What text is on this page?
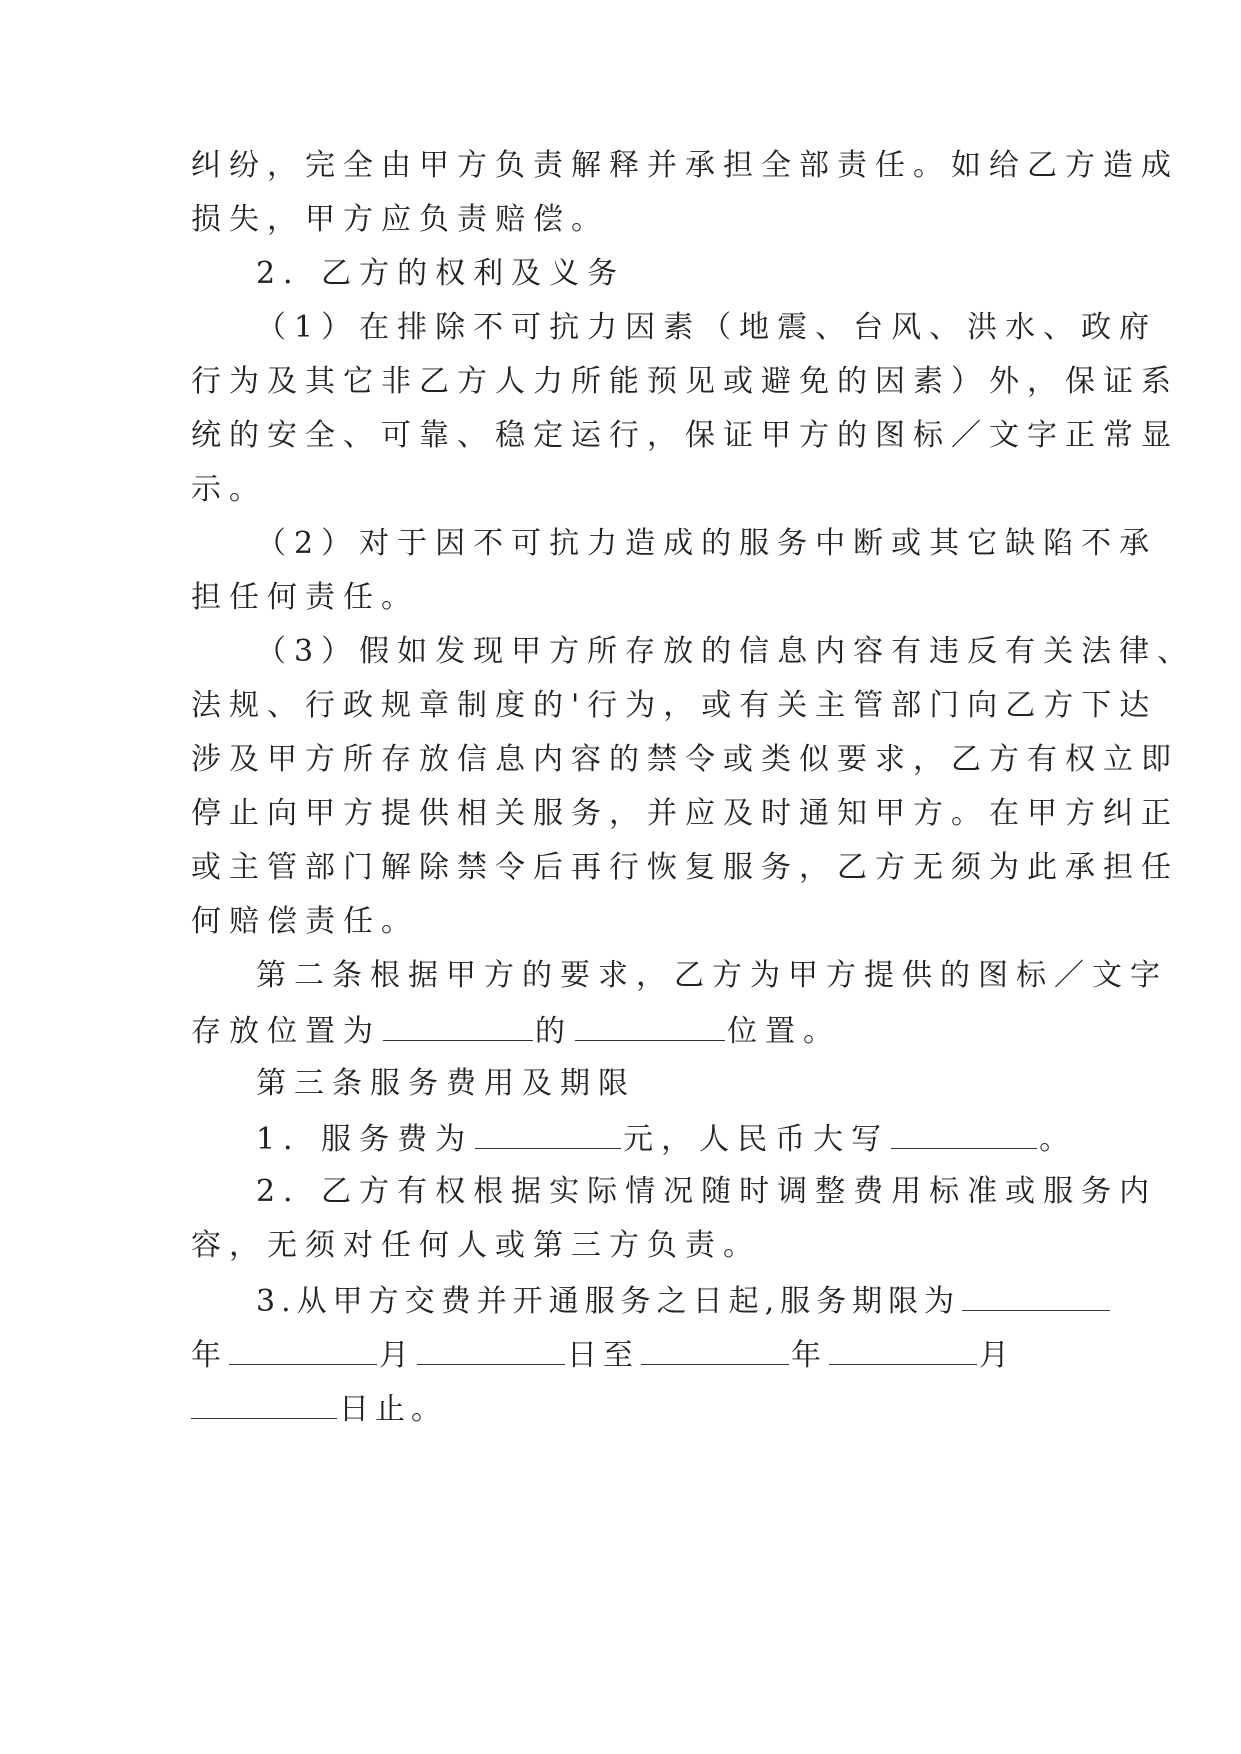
纠纷，完全由甲方负责解释并承担全部责任。如给乙方造成
损失，甲方应负责赔偿。
2．乙方的权利及义务
（1）在排除不可抗力因素（地震、台风、洪水、政府
行为及其它非乙方人力所能预见或避免的因素）外，保证系
统的安全、可靠、稳定运行，保证甲方的图标／文字正常显
示。
（2）对于因不可抗力造成的服务中断或其它缺陷不承
担任何责任。
（3）假如发现甲方所存放的信息内容有违反有关法律、
法规、行政规章制度的'行为，或有关主管部门向乙方下达
涉及甲方所存放信息内容的禁令或类似要求，乙方有权立即
停止向甲方提供相关服务，并应及时通知甲方。在甲方纠正
或主管部门解除禁令后再行恢复服务，乙方无须为此承担任
何赔偿责任。
第二条根据甲方的要求，乙方为甲方提供的图标／文字
存放位置为	的	位置。
第三条服务费用及期限
1．服务费为	元，人民币大写	。
2．乙方有权根据实际情况随时调整费用标准或服务内
容，无须对任何人或第三方负责。
3.从甲方交费并开通服务之日起,服务期限为
年	月	日至	年	月
日止。
